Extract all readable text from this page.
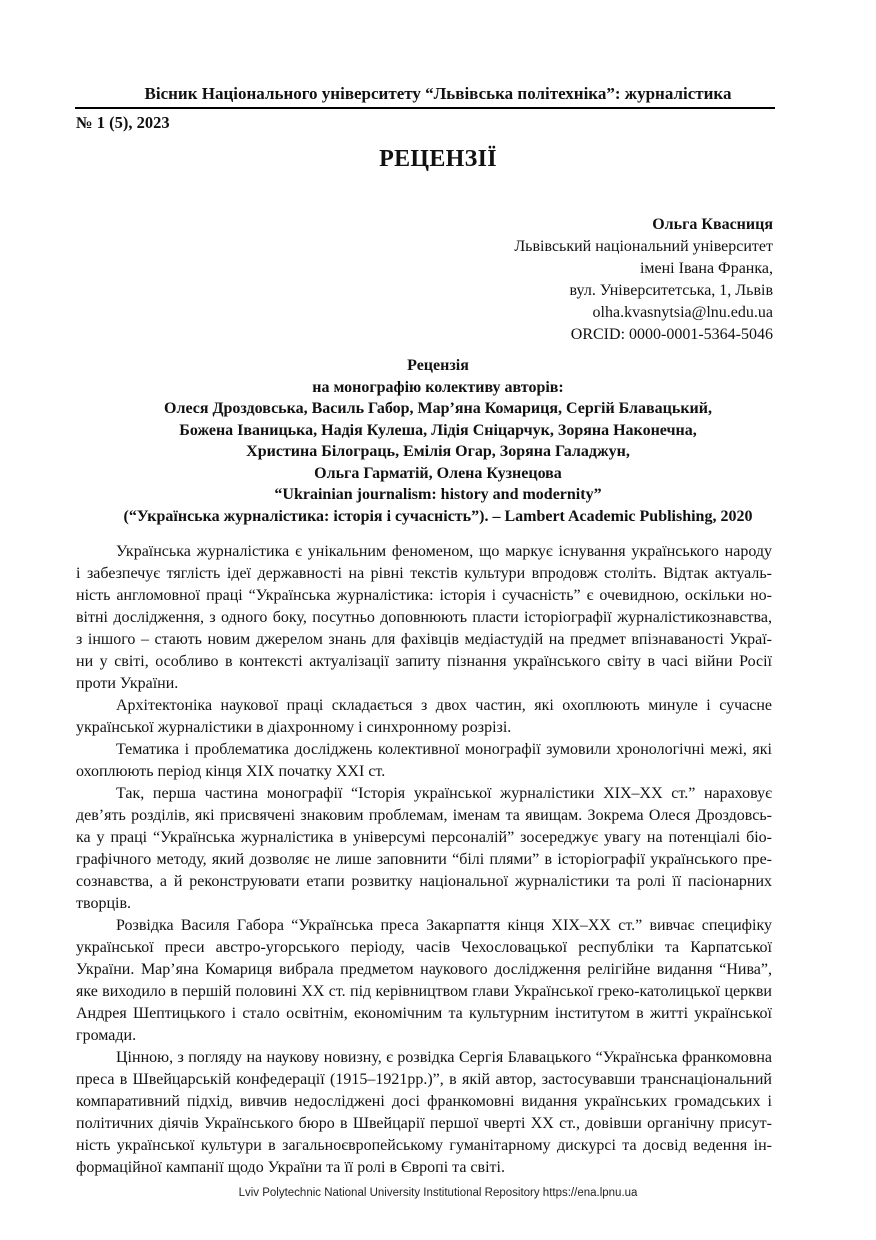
Вісник Національного університету “Львівська політехніка”: журналістика
№ 1 (5), 2023
РЕЦЕНЗІЇ
Ольга Квасниця
Львівський національний університет
імені Івана Франка,
вул. Університетська, 1, Львів
olha.kvasnytsia@lnu.edu.ua
ORCID: 0000-0001-5364-5046
Рецензія
на монографію колективу авторів:
Олеся Дроздовська, Василь Габор, Мар’яна Комариця, Сергій Блавацький,
Божена Іваницька, Надія Кулеша, Лідія Сніцарчук, Зоряна Наконечна,
Христина Білограць, Емілія Огар, Зоряна Галаджун,
Ольга Гарматій, Олена Кузнецова
“Ukrainian journalism: history and modernity”
(“Українська журналістика: історія і сучасність”). – Lambert Academic Publishing, 2020

Українська журналістика є унікальним феноменом, що маркує існування українського народу
і забезпечує тяглість ідеї державності на рівні текстів культури впродовж століть. Відтак актуаль-
ність англомовної праці “Українська журналістика: історія і сучасність” є очевидною, оскільки но-
вітні дослідження, з одного боку, посутньо доповнюють пласти історіографії журналістикознавства,
з іншого – стають новим джерелом знань для фахівців медіастудій на предмет впізнаваності Украї-
ни у світі, особливо в контексті актуалізації запиту пізнання українського світу в часі війни Росії
проти України.

Архітектоніка наукової праці складається з двох частин, які охоплюють минуле і сучасне
української журналістики в діахронному і синхронному розрізі.

Тематика і проблематика досліджень колективної монографії зумовили хронологічні межі, які
охоплюють період кінця ХІХ початку ХХІ ст.

Так, перша частина монографії “Історія української журналістики ХІХ–ХХ ст.” нараховує
дев’ять розділів, які присвячені знаковим проблемам, іменам та явищам. Зокрема Олеся Дроздовсь-
ка у праці “Українська журналістика в універсумі персоналій” зосереджує увагу на потенціалі біо-
графічного методу, який дозволяє не лише заповнити “білі плями” в історіографії українського пре-
сознавства, а й реконструювати етапи розвитку національної журналістики та ролі її пасіонарних
творців.

Розвідка Василя Габора “Українська преса Закарпаття кінця ХІХ–ХХ ст.” вивчає специфіку
української преси австро-угорського періоду, часів Чехословацької республіки та Карпатської
України. Мар’яна Комариця вибрала предметом наукового дослідження релігійне видання “Нива”,
яке виходило в першій половині ХХ ст. під керівництвом глави Української греко-католицької церкви
Андрея Шептицького і стало освітнім, економічним та культурним інститутом в житті української
громади.

Цінною, з погляду на наукову новизну, є розвідка Сергія Блавацького “Українська франкомовна
преса в Швейцарській конфедерації (1915–1921рр.)”, в якій автор, застосувавши транснаціональний
компаративний підхід, вивчив недосліджені досі франкомовні видання українських громадських і
політичних діячів Українського бюро в Швейцарії першої чверті ХХ ст., довівши органічну присут-
ність української культури в загальноєвропейському гуманітарному дискурсі та досвід ведення ін-
формаційної кампанії щодо України та її ролі в Європі та світі.

Lviv Polytechnic National University Institutional Repository https://ena.lpnu.ua
